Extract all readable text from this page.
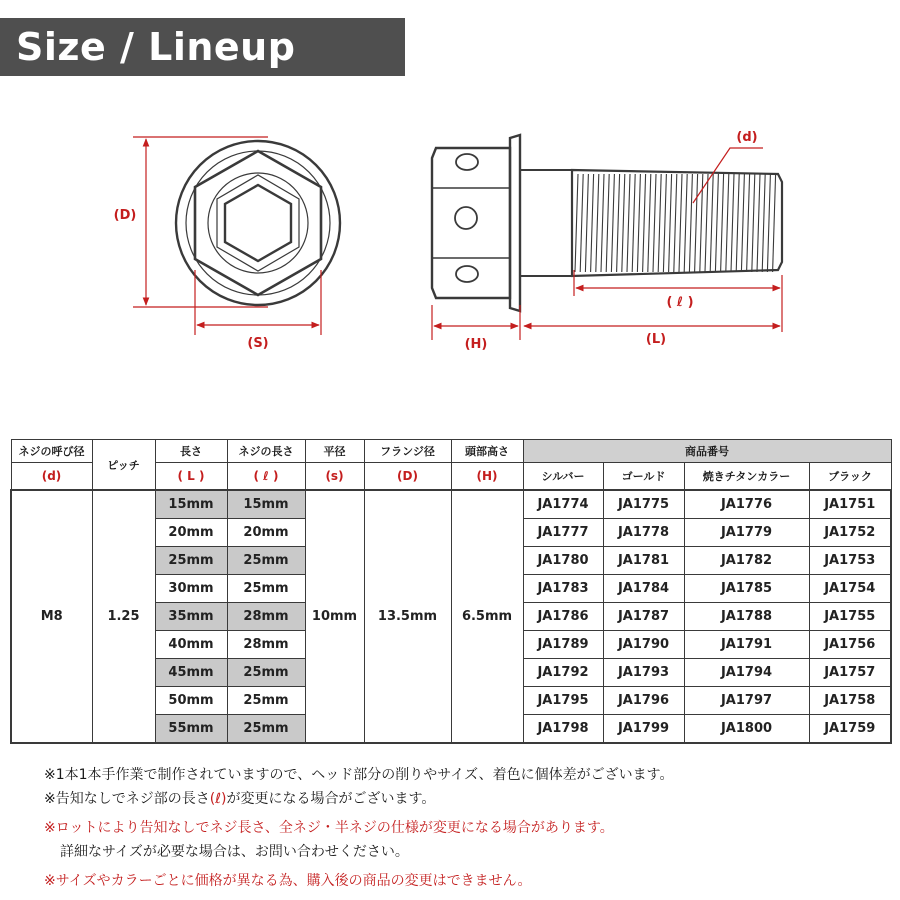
Size / Lineup
(D)
(S)	(H)	(L)
( ℓ )
(d)
ネジの呼び径	ピッチ	長さ	ネジの長さ	平径	フランジ径	頭部高さ	商品番号			
(d)		( L )	( ℓ )	(s)	(D)	(H)	シルバー	ゴールド	焼きチタンカラー	ブラック
M8	1.25	15mm	15mm	10mm	13.5mm	6.5mm	JA1774	JA1775	JA1776	JA1751
		20mm	20mm				JA1777	JA1778	JA1779	JA1752
		25mm	25mm				JA1780	JA1781	JA1782	JA1753
		30mm	25mm				JA1783	JA1784	JA1785	JA1754
		35mm	28mm				JA1786	JA1787	JA1788	JA1755
		40mm	28mm				JA1789	JA1790	JA1791	JA1756
		45mm	25mm				JA1792	JA1793	JA1794	JA1757
		50mm	25mm				JA1795	JA1796	JA1797	JA1758
		55mm	25mm				JA1798	JA1799	JA1800	JA1759
※1本1本手作業で制作されていますので、ヘッド部分の削りやサイズ、着色に個体差がございます。
※告知なしでネジ部の長さ(ℓ)が変更になる場合がございます。
※ロットにより告知なしでネジ長さ、全ネジ・半ネジの仕様が変更になる場合があります。
詳細なサイズが必要な場合は、お問い合わせください。
※サイズやカラーごとに価格が異なる為、購入後の商品の変更はできません。
